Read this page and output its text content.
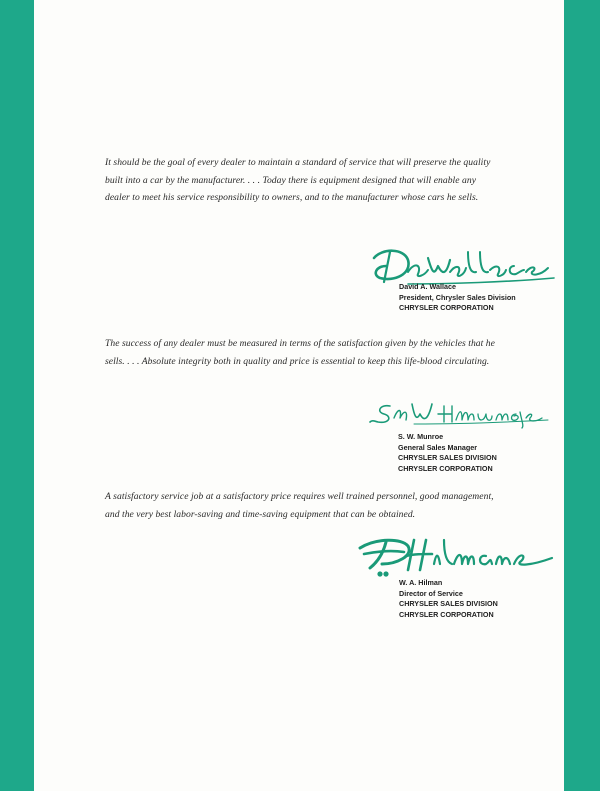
It should be the goal of every dealer to maintain a standard of service that will preserve the quality
built into a car by the manufacturer. . . . Today there is equipment designed that will enable any
dealer to meet his service responsibility to owners, and to the manufacturer whose cars he sells.

David A. Wallace
President, Chrysler Sales Division
CHRYSLER CORPORATION

The success of any dealer must be measured in terms of the satisfaction given by the vehicles that he
sells. . . . Absolute integrity both in quality and price is essential to keep this life-blood circulating.

S. W. Munroe
General Sales Manager
CHRYSLER SALES DIVISION
CHRYSLER CORPORATION

A satisfactory service job at a satisfactory price requires well trained personnel, good management,
and the very best labor-saving and time-saving equipment that can be obtained.

W. A. Hilman
Director of Service
CHRYSLER SALES DIVISION
CHRYSLER CORPORATION
